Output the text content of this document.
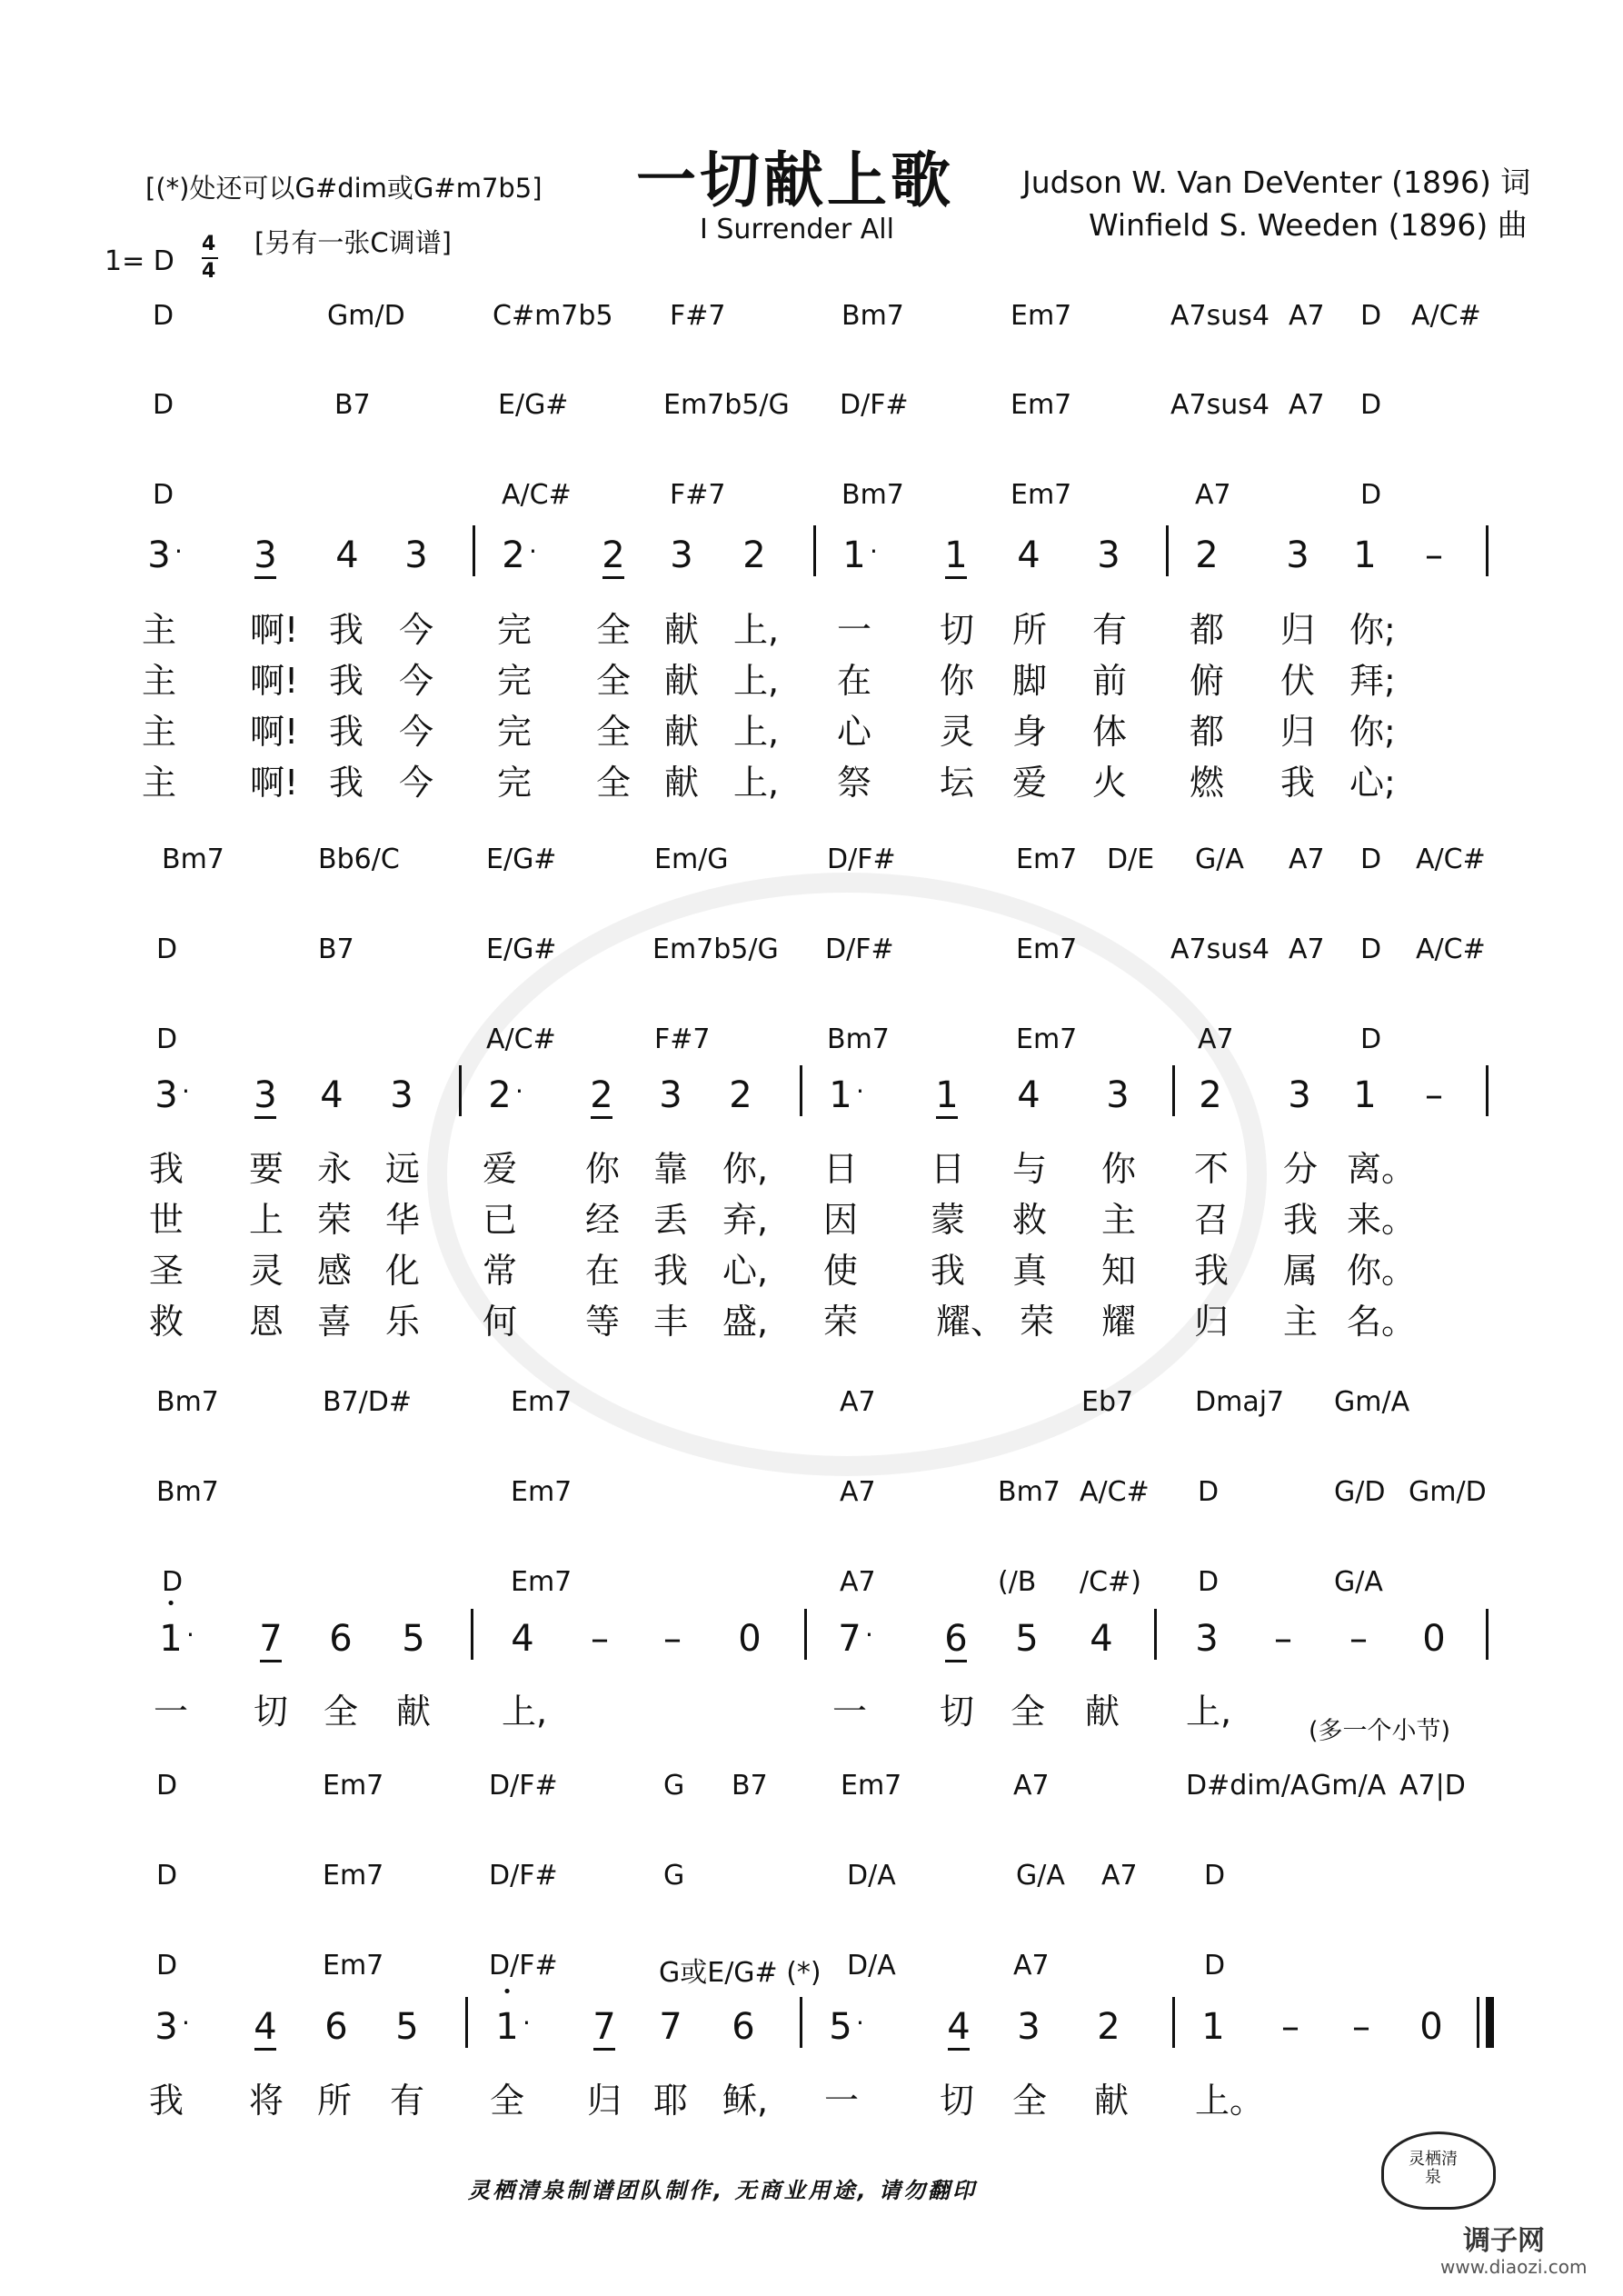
[(*)处还可以G#dim或G#m7b5] 一切献上歌
I Surrender All
Judson W. Van DeVenter (1896) 词
Winfield S. Weeden (1896) 曲
1= D
4
4
[另有一张C调谱]
D	Gm/D	C#m7b5 F#7	Bm7	Em7	A7sus4 A7 D A/C#
D	B7	E/G#	Em7b5/G D/F#	Em7	A7sus4 A7 D
D	A/C#	F#7	Bm7	Em7	A7	D
3 · 3 4 3 2 · 2 3 2 1 · 1 4 3 2 3 1 –
主 啊! 我 今 完 全 献 上, 一 切 所 有 都 归 你;
主 啊! 我 今 完 全 献 上, 在 你 脚 前 俯 伏 拜;
主 啊! 我 今 完 全 献 上, 心 灵 身 体 都 归 你;
主 啊! 我 今 完 全 献 上, 祭 坛 爱 火 燃 我 心;
Bm7	Bb6/C	E/G#	Em/G	D/F#	Em7 D/E G/A A7 D A/C#
D	B7	E/G#	Em7b5/G D/F#	Em7	A7sus4 A7 D A/C#
D	A/C#	F#7	Bm7	Em7	A7	D
3 · 3 4 3 2 · 2 3 2 1 · 1 4 3 2 3 1 –
我 要 永 远 爱 你 靠 你, 日 日 与 你 不 分 离。
世 上 荣 华 已 经 丢 弃, 因 蒙 救 主 召 我 来。
圣 灵 感 化 常 在 我 心, 使 我 真 知 我 属 你。
救 恩 喜 乐 何 等 丰 盛, 荣 耀、 荣 耀 归 主 名。
Bm7	B7/D#	Em7	A7	Eb7 Dmaj7 Gm/A
Bm7	Em7	A7	Bm7 A/C# D	G/D Gm/D
D	Em7	A7	(/B /C#) D	G/A
• 1 · 7 6 5 4 – – 0 7 · 6 5 4 3 – – 0
一 切 全 献 上,	一 切 全 献 上,	(多一个小节)
D	Em7	D/F#	G B7	Em7	A7	D#dim/A Gm/A A7|D
D	Em7	D/F#	G	D/A	G/A A7 D
D	Em7	D/F#	G或E/G# (*) D/A	A7	D
3 · 4 6 5
• 1 · 7 7 6 5 · 4 3 2 1 – – 0
我 将 所 有 全 归 耶 稣, 一 切 全 献 上。
灵栖清泉制谱团队制作, 无商业用途, 请勿翻印
灵栖清泉
调子网
www.diaozi.com
